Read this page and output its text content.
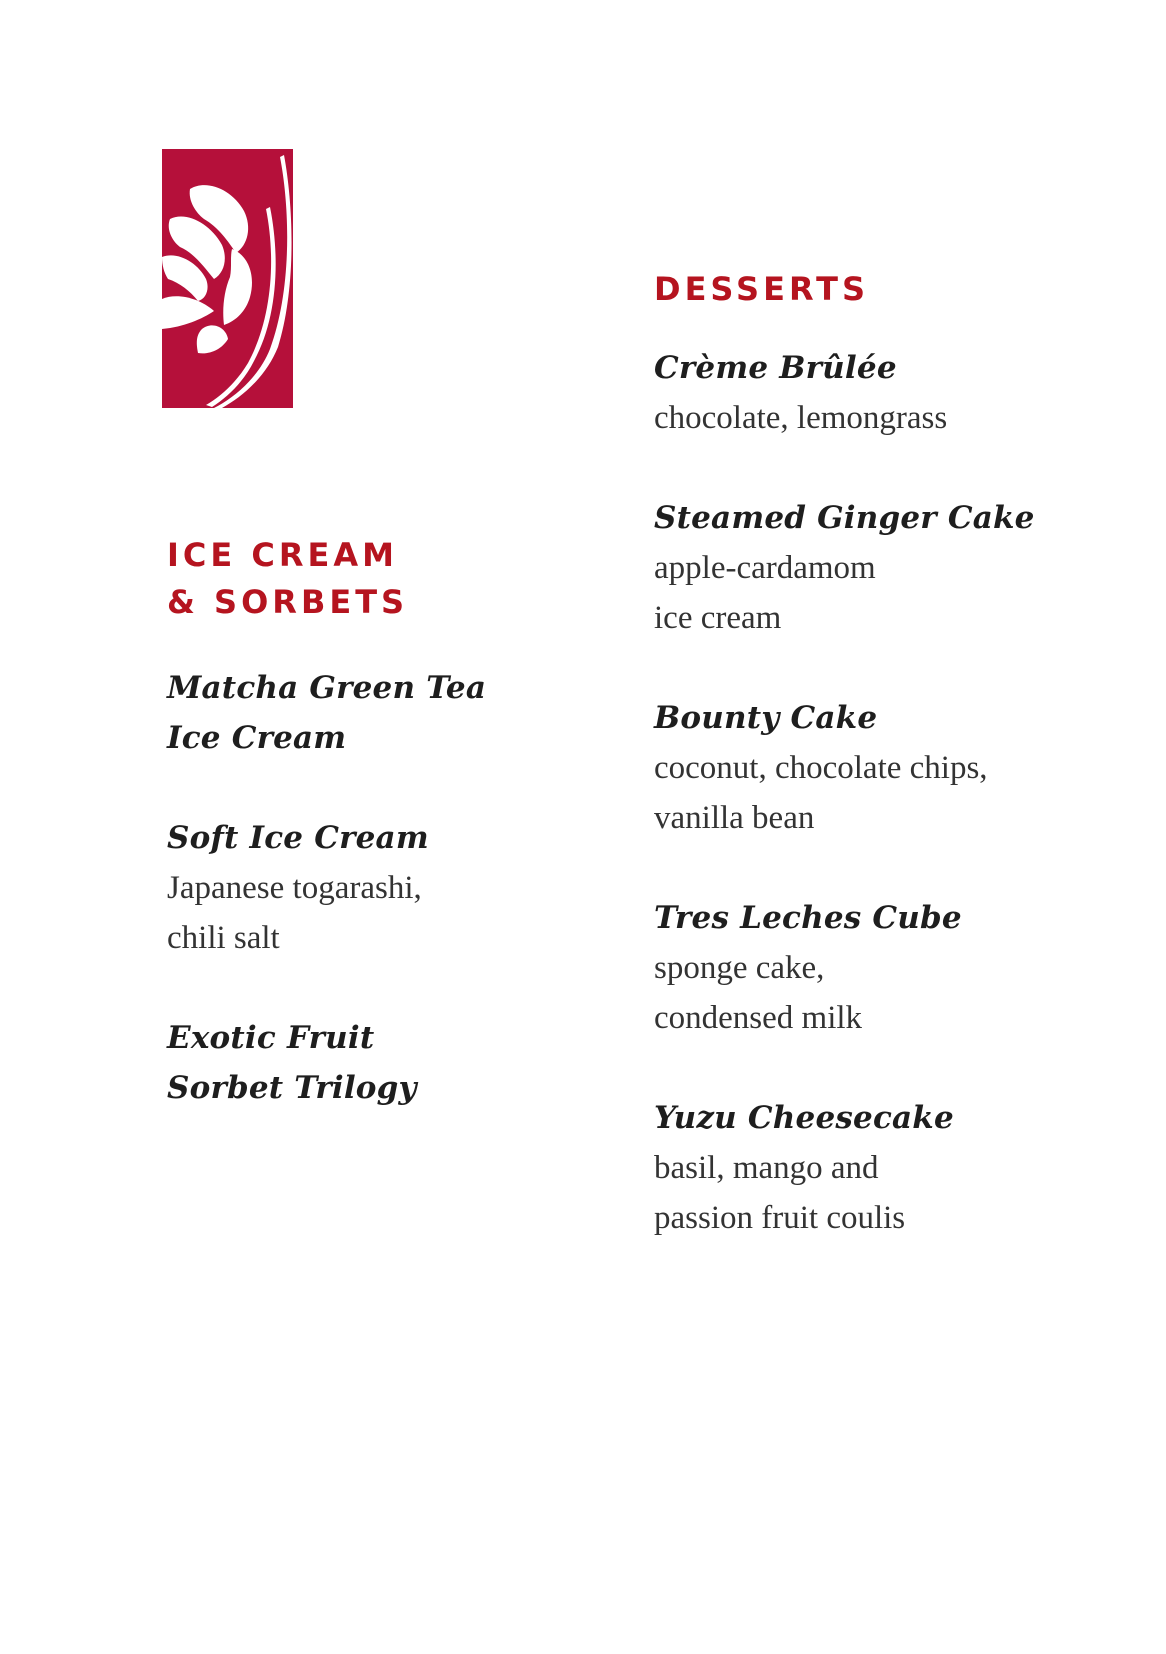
ICE CREAM
& SORBETS
Matcha Green Tea
Ice Cream
Soft Ice Cream
Japanese togarashi,
chili salt
Exotic Fruit
Sorbet Trilogy
DESSERTS
Crème Brûlée
chocolate, lemongrass
Steamed Ginger Cake
apple-cardamom
ice cream
Bounty Cake
coconut, chocolate chips,
vanilla bean
Tres Leches Cube
sponge cake,
condensed milk
Yuzu Cheesecake
basil, mango and
passion fruit coulis
